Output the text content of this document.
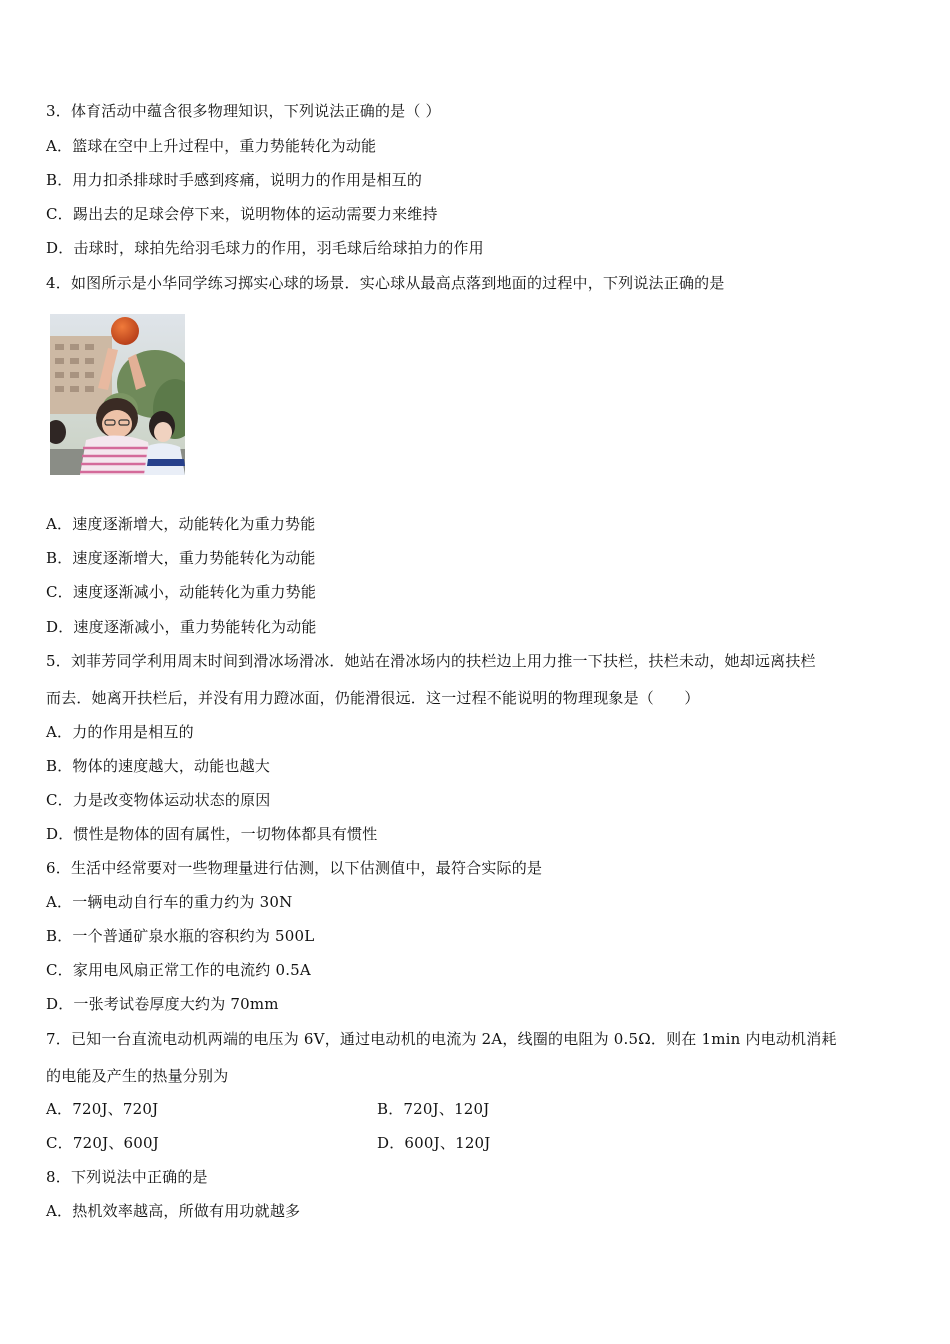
3．体育活动中蕴含很多物理知识，下列说法正确的是（ ）
A．篮球在空中上升过程中，重力势能转化为动能
B．用力扣杀排球时手感到疼痛，说明力的作用是相互的
C．踢出去的足球会停下来，说明物体的运动需要力来维持
D．击球时，球拍先给羽毛球力的作用，羽毛球后给球拍力的作用
4．如图所示是小华同学练习掷实心球的场景．实心球从最高点落到地面的过程中，下列说法正确的是
A．速度逐渐增大，动能转化为重力势能
B．速度逐渐增大，重力势能转化为动能
C．速度逐渐减小，动能转化为重力势能
D．速度逐渐减小，重力势能转化为动能
5．刘菲芳同学利用周末时间到滑冰场滑冰．她站在滑冰场内的扶栏边上用力推一下扶栏，扶栏未动，她却远离扶栏
而去．她离开扶栏后，并没有用力蹬冰面，仍能滑很远．这一过程不能说明的物理现象是（　　）
A．力的作用是相互的
B．物体的速度越大，动能也越大
C．力是改变物体运动状态的原因
D．惯性是物体的固有属性，一切物体都具有惯性
6．生活中经常要对一些物理量进行估测，以下估测值中，最符合实际的是
A．一辆电动自行车的重力约为 30N
B．一个普通矿泉水瓶的容积约为 500L
C．家用电风扇正常工作的电流约 0.5A
D．一张考试卷厚度大约为 70mm
7．已知一台直流电动机两端的电压为 6V，通过电动机的电流为 2A，线圈的电阻为 0.5Ω．则在 1min 内电动机消耗
的电能及产生的热量分别为
A．720J、720J	B．720J、120J
C．720J、600J	D．600J、120J
8．下列说法中正确的是
A．热机效率越高，所做有用功就越多
